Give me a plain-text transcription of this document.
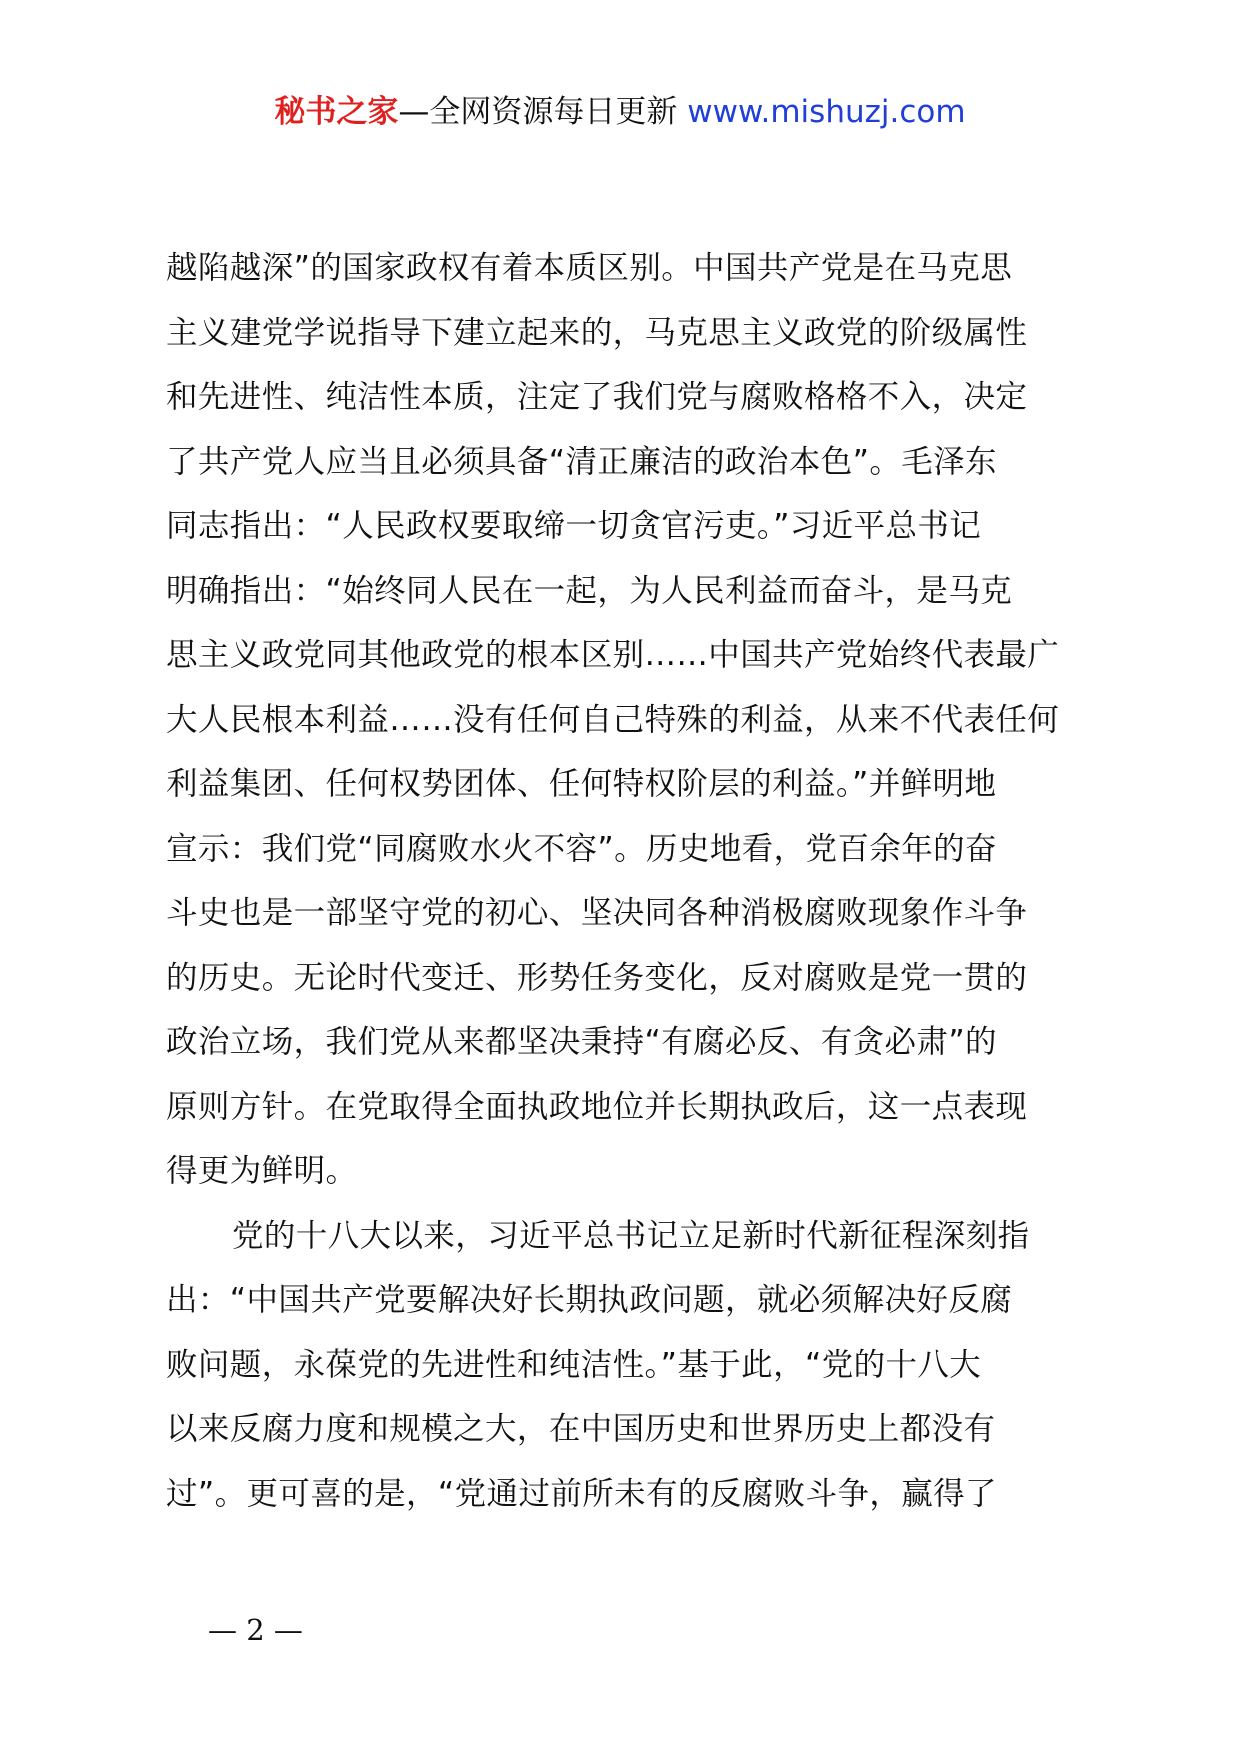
秘书之家—全网资源每日更新 www.mishuzj.com
越陷越深”的国家政权有着本质区别。中国共产党是在马克思
主义建党学说指导下建立起来的，马克思主义政党的阶级属性
和先进性、纯洁性本质，注定了我们党与腐败格格不入，决定
了共产党人应当且必须具备“清正廉洁的政治本色”。毛泽东
同志指出：“人民政权要取缔一切贪官污吏。”习近平总书记
明确指出：“始终同人民在一起，为人民利益而奋斗，是马克
思主义政党同其他政党的根本区别……中国共产党始终代表最广
大人民根本利益……没有任何自己特殊的利益，从来不代表任何
利益集团、任何权势团体、任何特权阶层的利益。”并鲜明地
宣示：我们党“同腐败水火不容”。历史地看，党百余年的奋
斗史也是一部坚守党的初心、坚决同各种消极腐败现象作斗争
的历史。无论时代变迁、形势任务变化，反对腐败是党一贯的
政治立场，我们党从来都坚决秉持“有腐必反、有贪必肃”的
原则方针。在党取得全面执政地位并长期执政后，这一点表现
得更为鲜明。
党的十八大以来，习近平总书记立足新时代新征程深刻指
出：“中国共产党要解决好长期执政问题，就必须解决好反腐
败问题，永葆党的先进性和纯洁性。”基于此，“党的十八大
以来反腐力度和规模之大，在中国历史和世界历史上都没有
过”。更可喜的是，“党通过前所未有的反腐败斗争，赢得了
— 2 —
